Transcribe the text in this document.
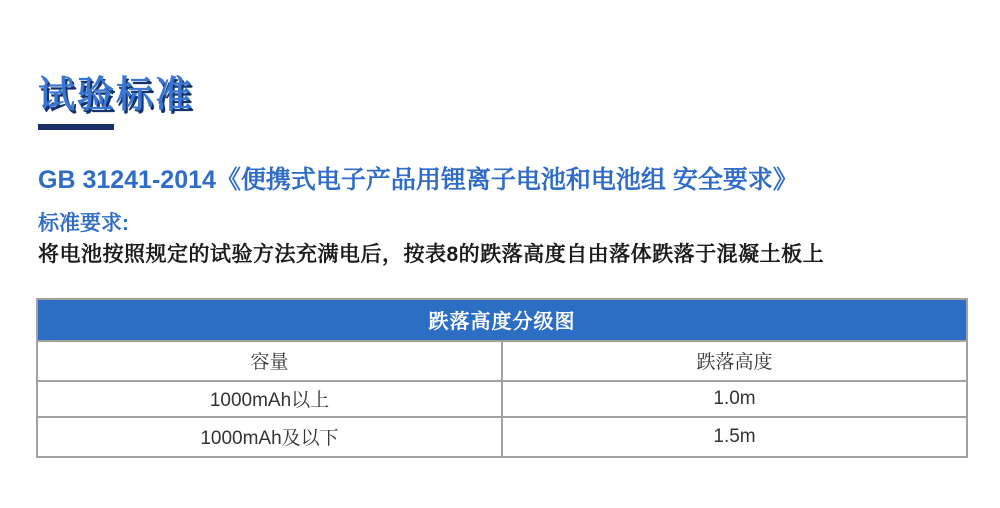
试验标准
GB 31241-2014《便携式电子产品用锂离子电池和电池组 安全要求》
标准要求:
将电池按照规定的试验方法充满电后，按表8的跌落高度自由落体跌落于混凝土板上
跌落高度分级图	
容量	跌落高度
1000mAh以上	1.0m
1000mAh及以下	1.5m
